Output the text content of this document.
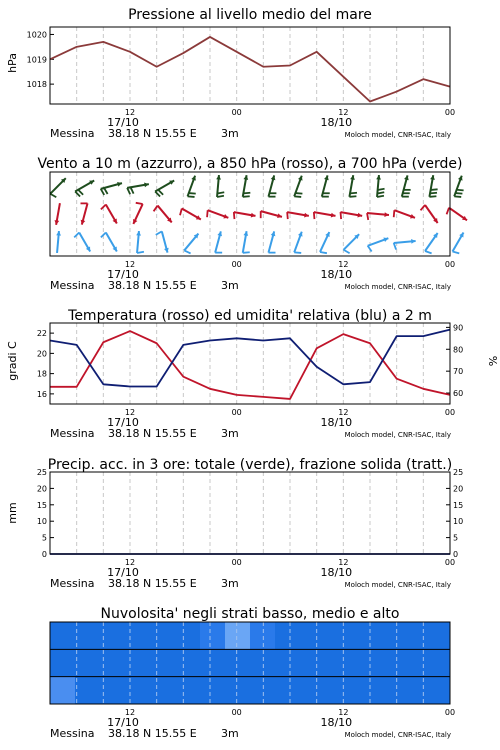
Pressione al livello medio del mare
Vento a 10 m (azzurro), a 850 hPa (rosso), a 700 hPa (verde)
Temperatura (rosso) ed umidita' relativa (blu) a 2 m
Precip. acc. in 3 ore: totale (verde), frazione solida (tratt.)
Nuvolosita' negli strati basso, medio e alto
hPa
gradi C	%
mm
12	00	12	00
17/10	18/10
Messina 38.18 N 15.55 E 3m	Moloch model, CNR-ISAC, Italy
1018
1019
1020
12	00	12	00
17/10	18/10
Messina 38.18 N 15.55 E 3m	Moloch model, CNR-ISAC, Italy
12	00	12	00
17/10	18/10
Messina 38.18 N 15.55 E 3m	Moloch model, CNR-ISAC, Italy
16
18
20
22
60
70
80
90
12	00	12	00
17/10	18/10
Messina 38.18 N 15.55 E 3m	Moloch model, CNR-ISAC, Italy
0
5
10
15
20
25
0
5
10
15
20
25
12	00	12	00
17/10	18/10
Messina 38.18 N 15.55 E 3m	Moloch model, CNR-ISAC, Italy
